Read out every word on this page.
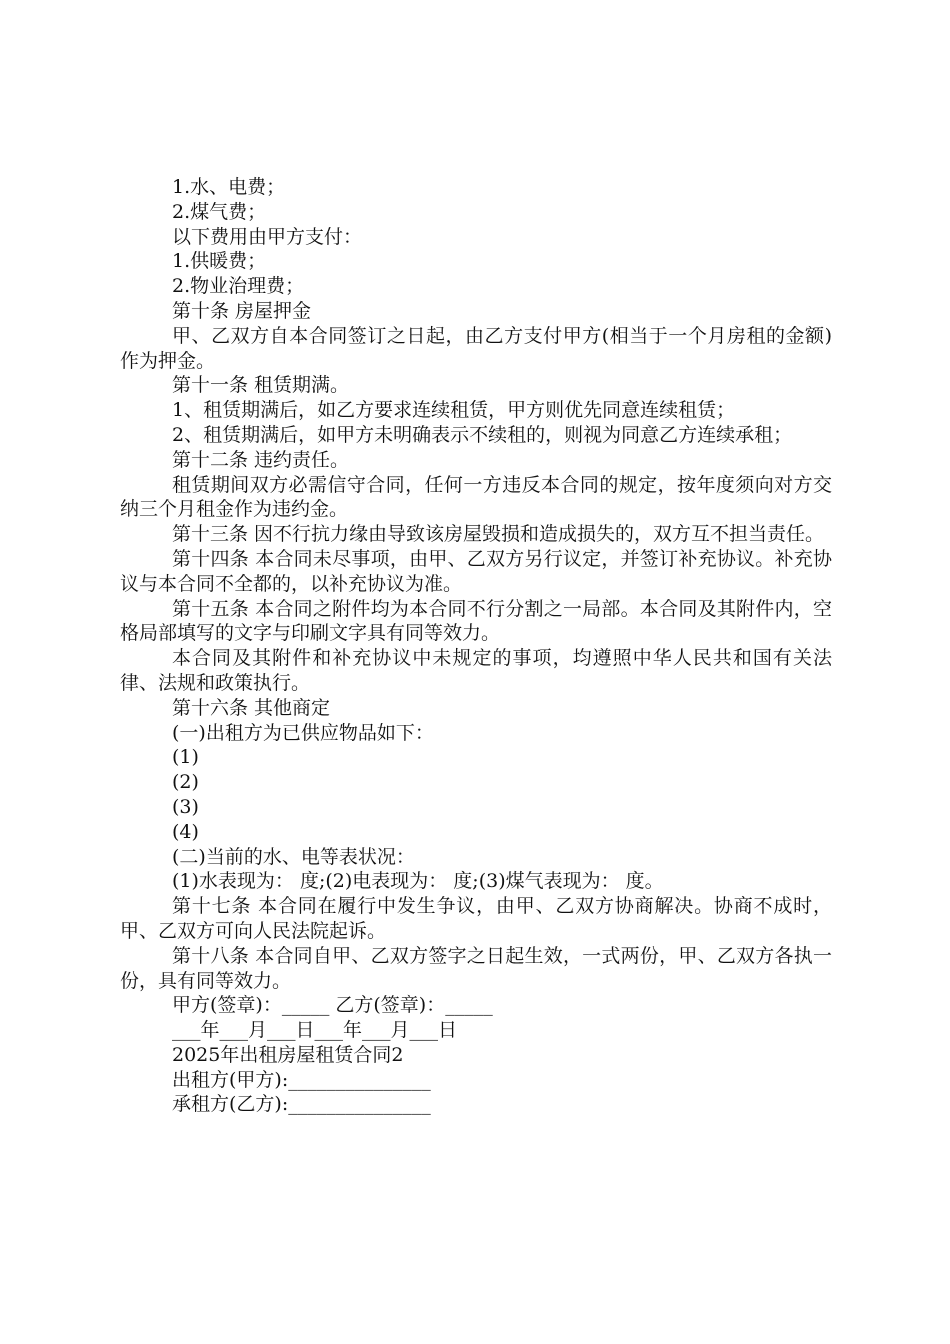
1.水、电费；
2.煤气费；
以下费用由甲方支付：
1.供暖费；
2.物业治理费；
第十条 房屋押金
甲、乙双方自本合同签订之日起，由乙方支付甲方(相当于一个月房租的金额)作为押金。
第十一条 租赁期满。
1、租赁期满后，如乙方要求连续租赁，甲方则优先同意连续租赁；
2、租赁期满后，如甲方未明确表示不续租的，则视为同意乙方连续承租；
第十二条 违约责任。
租赁期间双方必需信守合同，任何一方违反本合同的规定，按年度须向对方交纳三个月租金作为违约金。
第十三条 因不行抗力缘由导致该房屋毁损和造成损失的，双方互不担当责任。
第十四条 本合同未尽事项，由甲、乙双方另行议定，并签订补充协议。补充协议与本合同不全都的，以补充协议为准。
第十五条 本合同之附件均为本合同不行分割之一局部。本合同及其附件内，空格局部填写的文字与印刷文字具有同等效力。
本合同及其附件和补充协议中未规定的事项，均遵照中华人民共和国有关法律、法规和政策执行。
第十六条 其他商定
(一)出租方为已供应物品如下：
(1)
(2)
(3)
(4)
(二)当前的水、电等表状况：
(1)水表现为： 度;(2)电表现为： 度;(3)煤气表现为： 度。
第十七条 本合同在履行中发生争议，由甲、乙双方协商解决。协商不成时，甲、乙双方可向人民法院起诉。
第十八条 本合同自甲、乙双方签字之日起生效，一式两份，甲、乙双方各执一份，具有同等效力。
甲方(签章)：_____ 乙方(签章)：_____
___年___月___日___年___月___日
2025年出租房屋租赁合同2
出租方(甲方):_______________
承租方(乙方):_______________
